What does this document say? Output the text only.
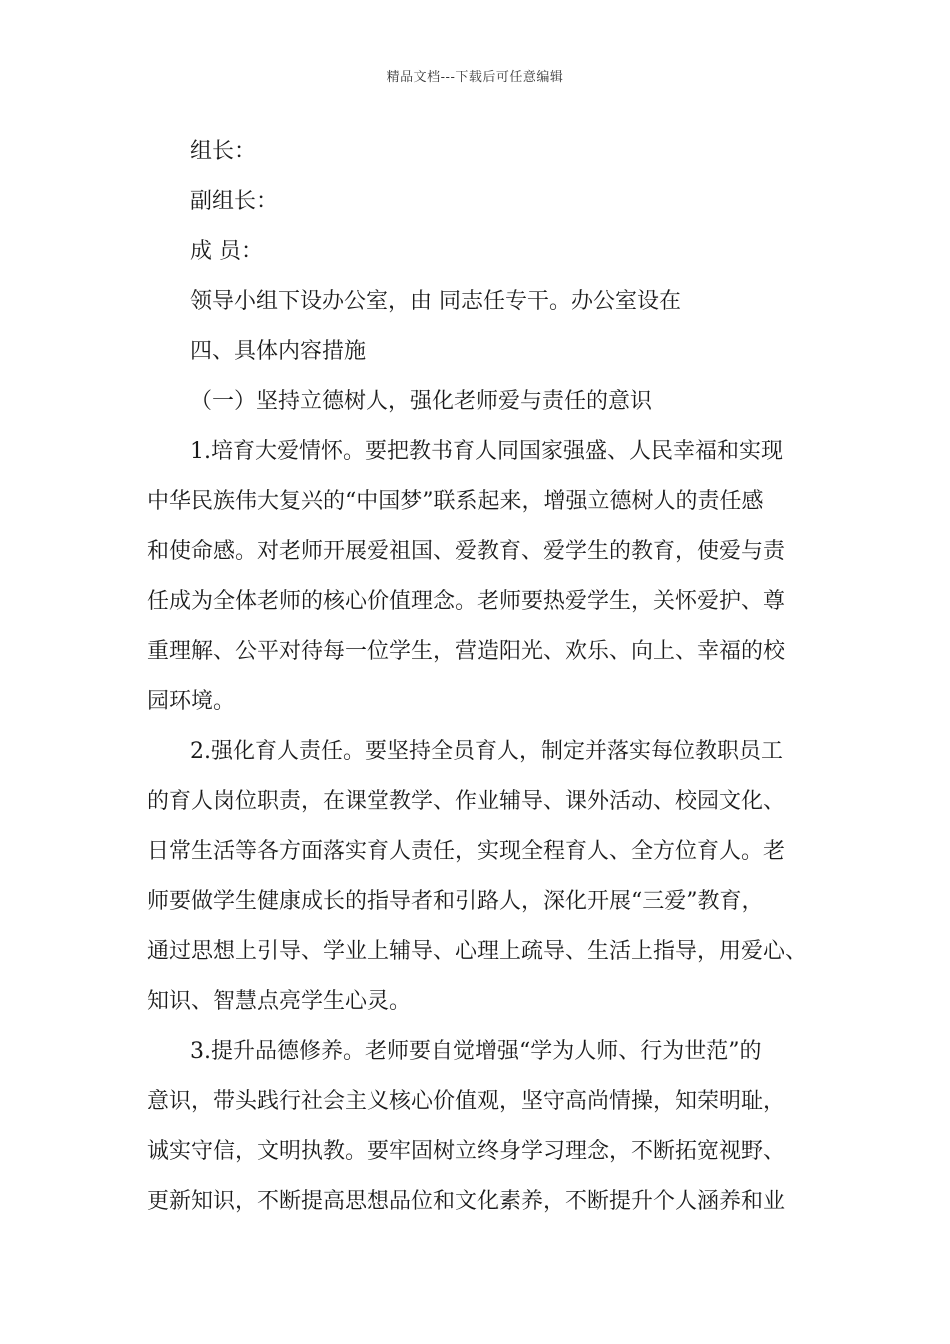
精品文档---下载后可任意编辑
组长：
副组长：
成 员：
领导小组下设办公室，由 同志任专干。办公室设在
四、具体内容措施
（一）坚持立德树人，强化老师爱与责任的意识
1.培育大爱情怀。要把教书育人同国家强盛、人民幸福和实现
中华民族伟大复兴的“中国梦”联系起来，增强立德树人的责任感
和使命感。对老师开展爱祖国、爱教育、爱学生的教育，使爱与责
任成为全体老师的核心价值理念。老师要热爱学生，关怀爱护、尊
重理解、公平对待每一位学生，营造阳光、欢乐、向上、幸福的校
园环境。
2.强化育人责任。要坚持全员育人，制定并落实每位教职员工
的育人岗位职责，在课堂教学、作业辅导、课外活动、校园文化、
日常生活等各方面落实育人责任，实现全程育人、全方位育人。老
师要做学生健康成长的指导者和引路人，深化开展“三爱”教育，
通过思想上引导、学业上辅导、心理上疏导、生活上指导，用爱心、
知识、智慧点亮学生心灵。
3.提升品德修养。老师要自觉增强“学为人师、行为世范”的
意识，带头践行社会主义核心价值观，坚守高尚情操，知荣明耻，
诚实守信，文明执教。要牢固树立终身学习理念，不断拓宽视野、
更新知识，不断提高思想品位和文化素养，不断提升个人涵养和业
